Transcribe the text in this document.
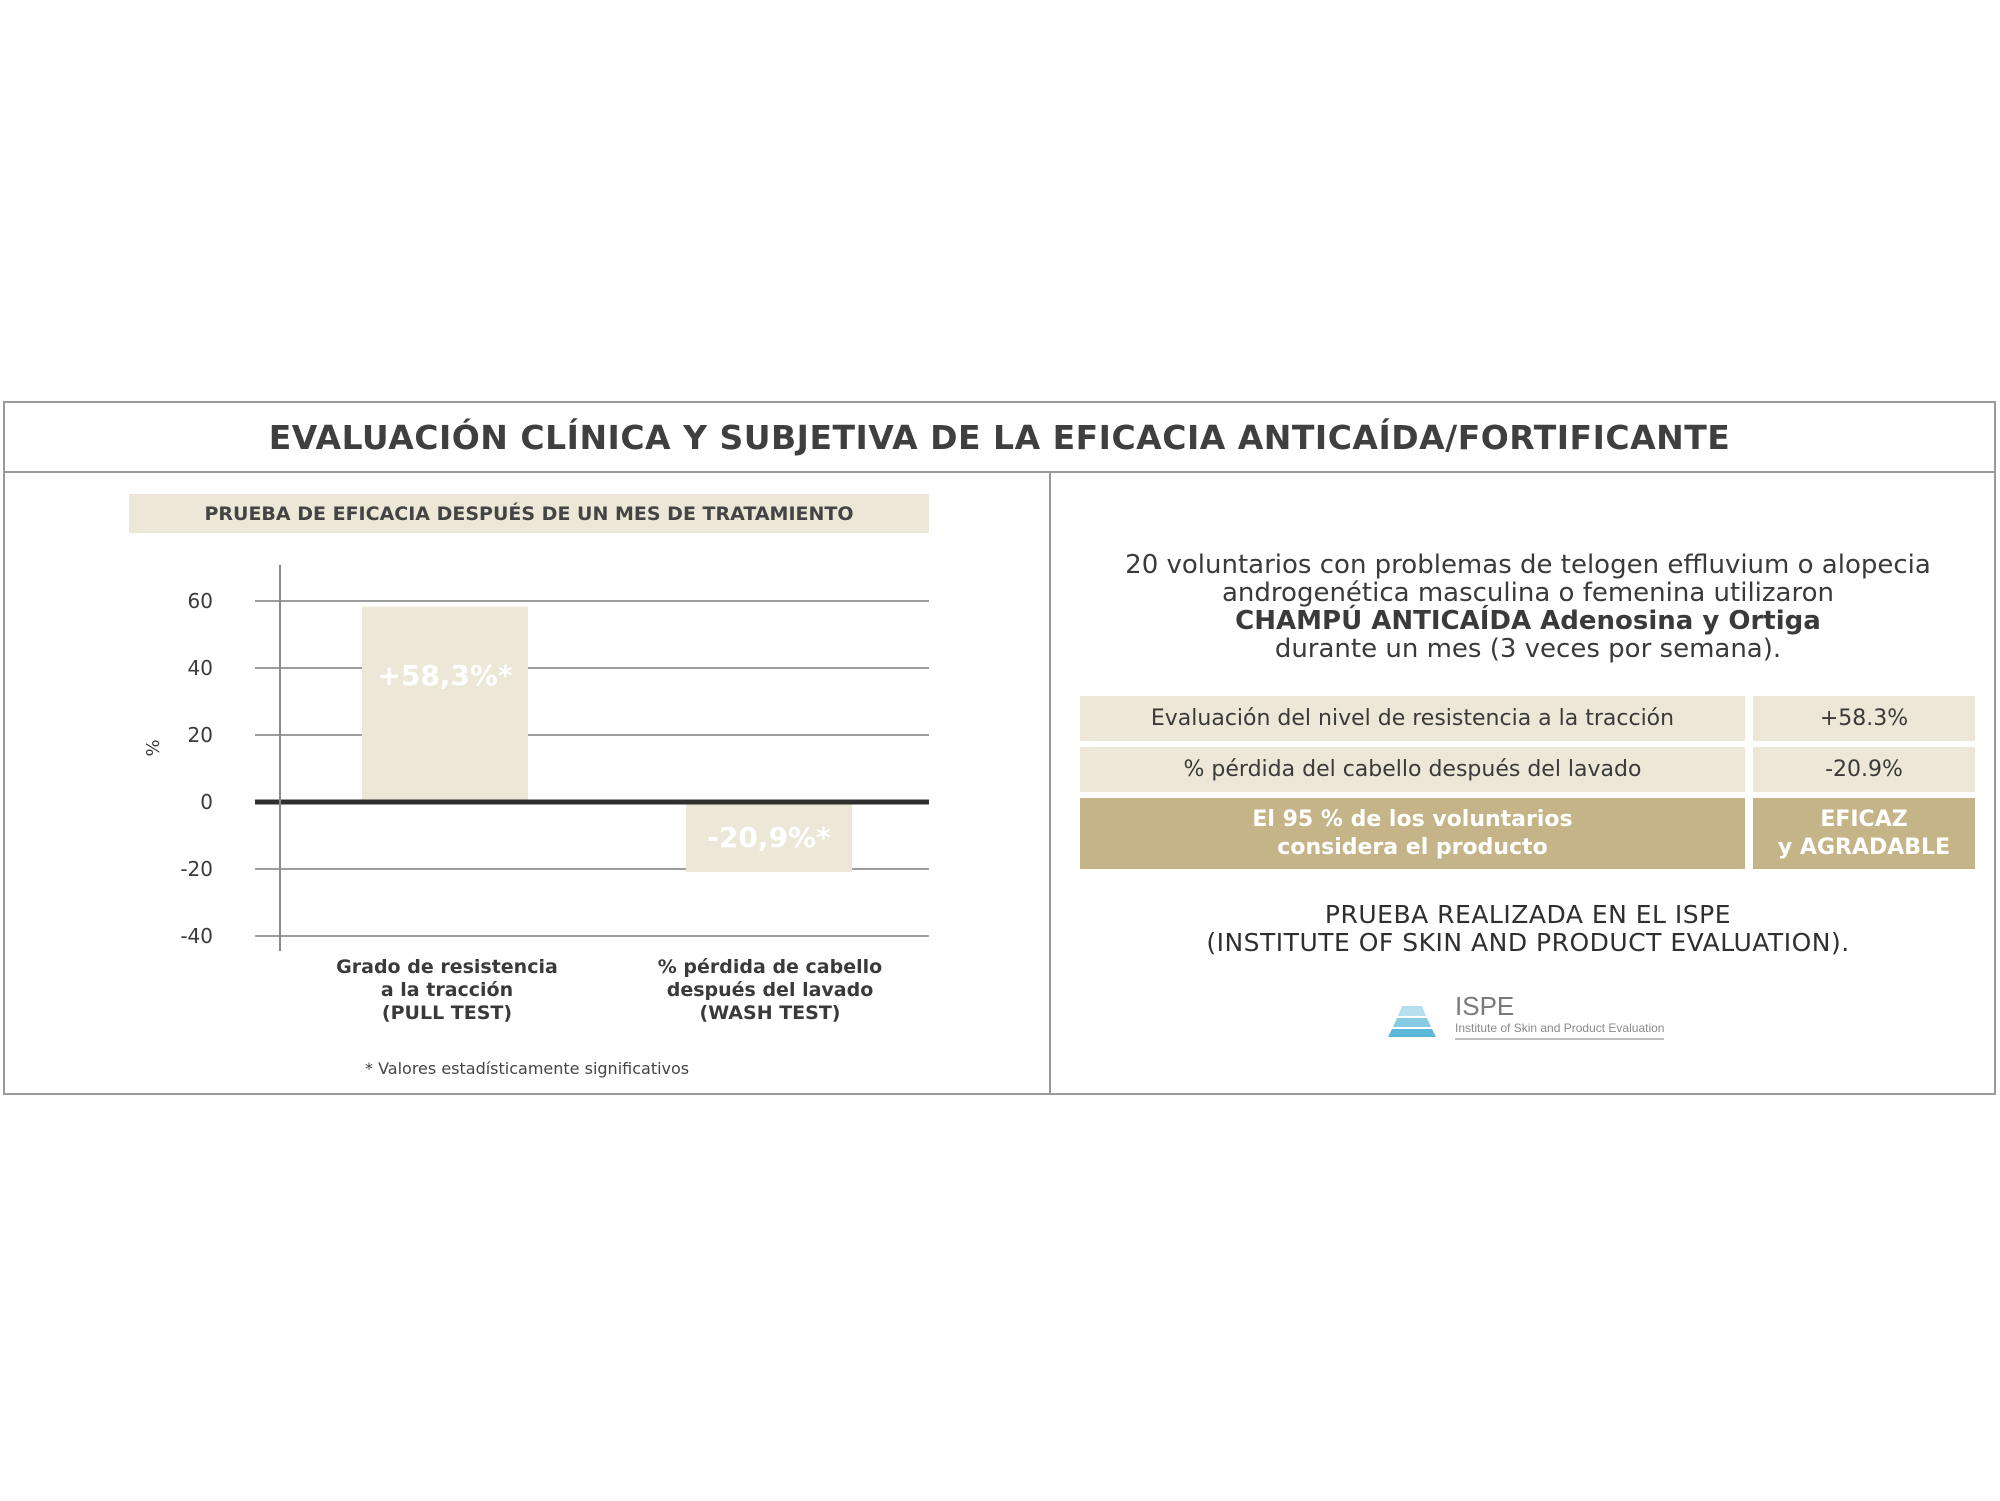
EVALUACIÓN CLÍNICA Y SUBJETIVA DE LA EFICACIA ANTICAÍDA/FORTIFICANTE
PRUEBA DE EFICACIA DESPUÉS DE UN MES DE TRATAMIENTO
+58,3%*
-20,9%*
60
40
20
0
-20
-40
%
Grado de resistencia
a la tracción
(PULL TEST)
% pérdida de cabello
después del lavado
(WASH TEST)
* Valores estadísticamente significativos
20 voluntarios con problemas de telogen effluvium o alopecia
androgenética masculina o femenina utilizaron
CHAMPÚ ANTICAÍDA Adenosina y Ortiga
durante un mes (3 veces por semana).
Evaluación del nivel de resistencia a la tracción	+58.3%
% pérdida del cabello después del lavado	-20.9%
El 95 % de los voluntarios
considera el producto
EFICAZ
y AGRADABLE
PRUEBA REALIZADA EN EL ISPE
(INSTITUTE OF SKIN AND PRODUCT EVALUATION).
ISPE
Institute of Skin and Product Evaluation
